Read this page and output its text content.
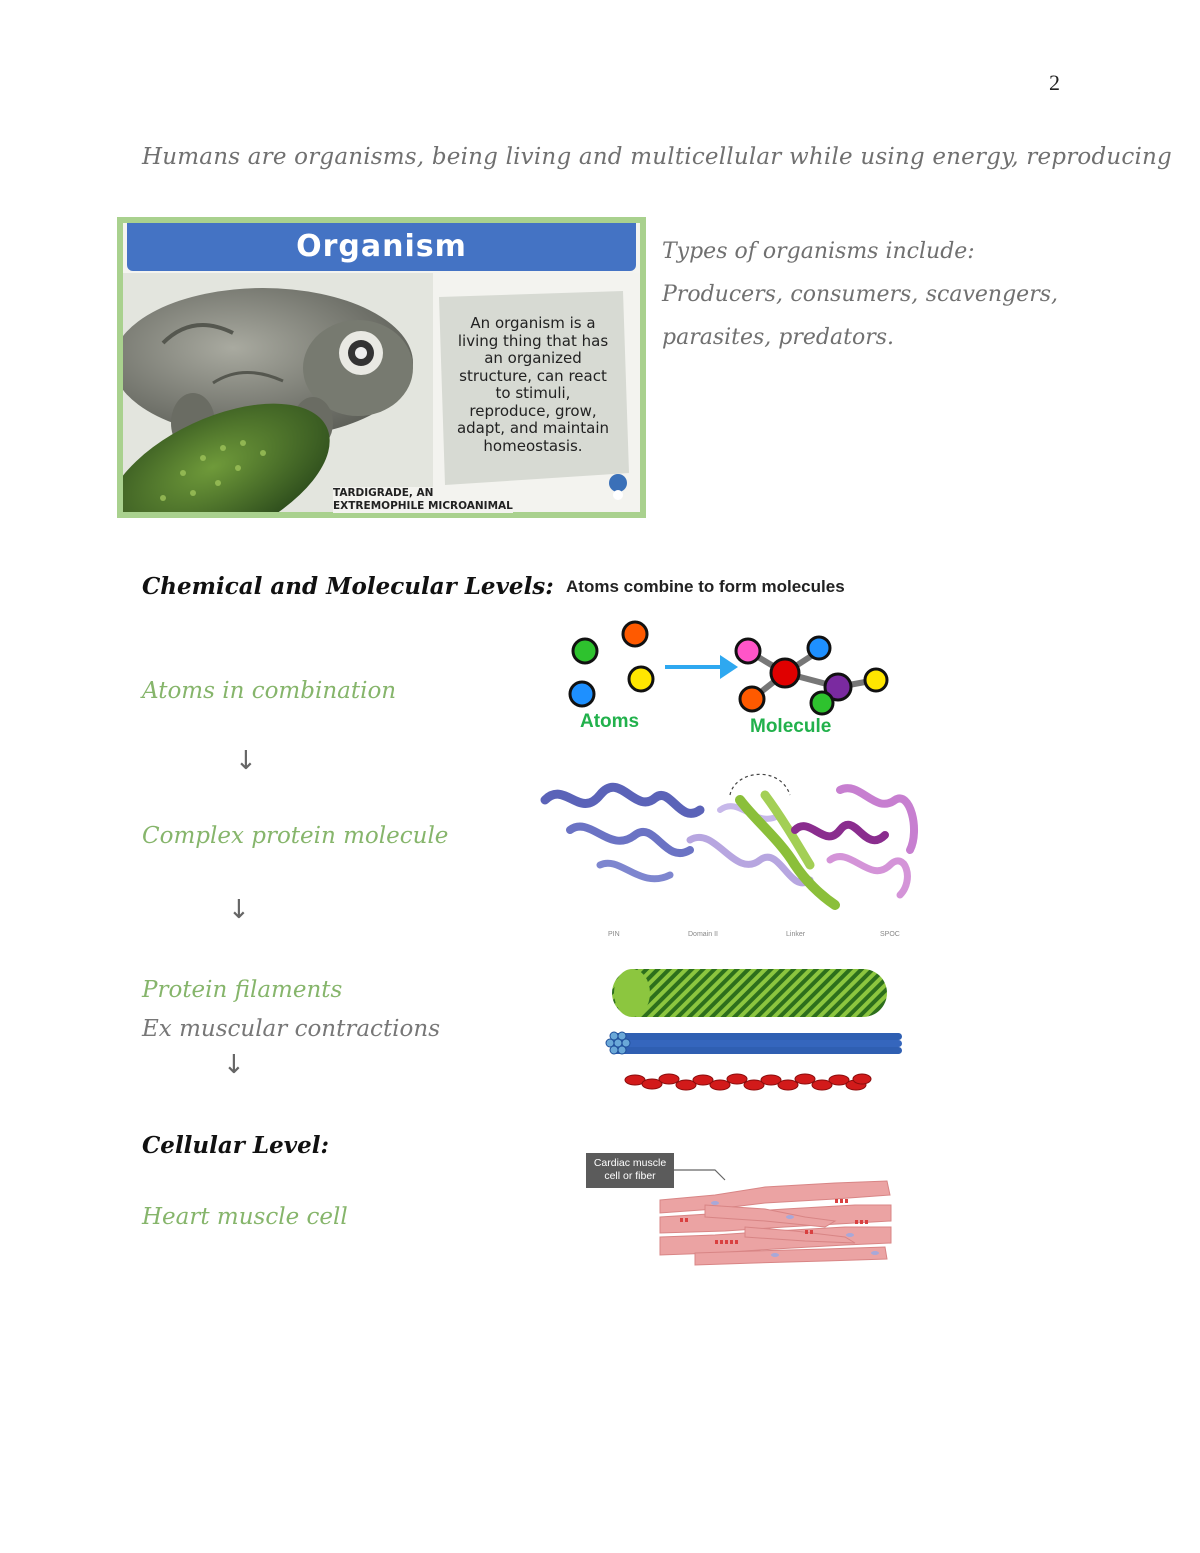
2
Humans are organisms, being living and multicellular while using energy, reproducing
Organism
An organism is a
living thing that has
an organized
structure, can react
to stimuli,
reproduce, grow,
adapt, and maintain
homeostasis.
TARDIGRADE, AN
EXTREMOPHILE MICROANIMAL
Types of organisms include:
Producers, consumers, scavengers,
parasites, predators.
Chemical and Molecular Levels:
Atoms in combination
↓
Complex protein molecule
↓
Protein filaments
Ex muscular contractions
↓
Cellular Level:
Heart muscle cell
Atoms combine to form molecules
Atoms	Molecule
PIN	Domain II	Linker	SPOC
Cardiac muscle
cell or fiber
